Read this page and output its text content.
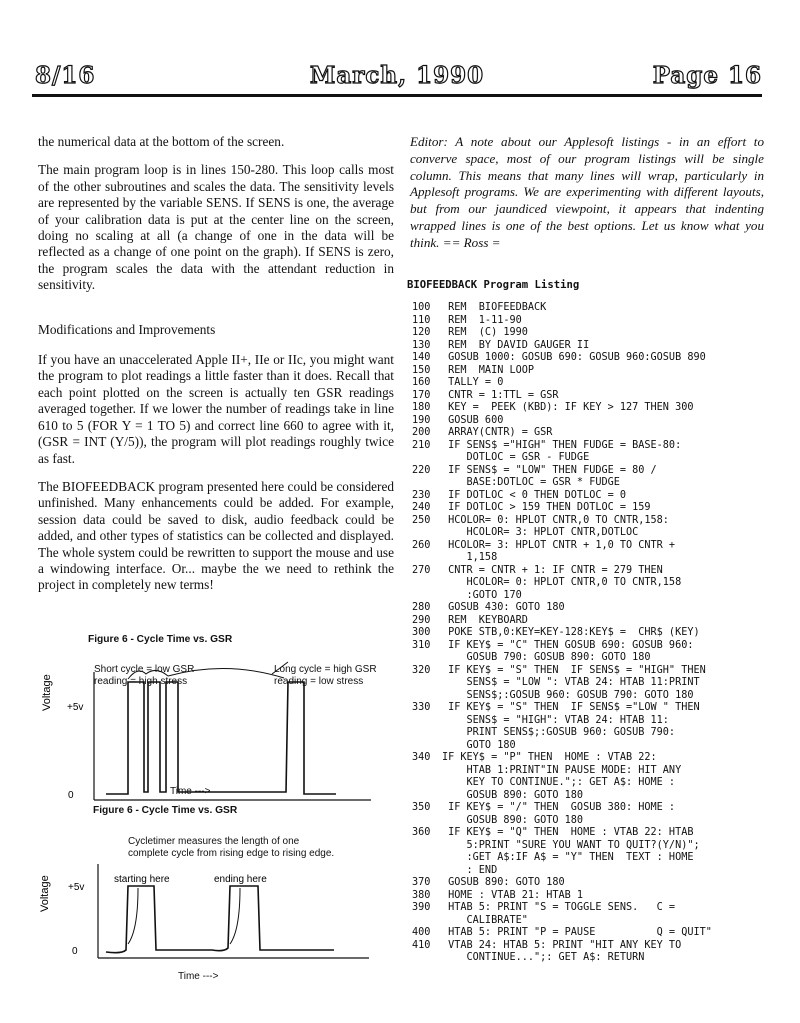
8/16	March, 1990	Page 16

the numerical data at the bottom of the screen.

The main program loop is in lines 150-280. This loop calls most of the other subroutines and scales the data. The sensitivity levels are represented by the variable SENS. If SENS is one, the average of your calibration data is put at the center line on the screen, doing no scaling at all (a change of one in the data will be reflected as a change of one point on the graph). If SENS is zero, the program scales the data with the attendant reduction in sensitivity.

Modifications and Improvements

If you have an unaccelerated Apple II+, IIe or IIc, you might want the program to plot readings a little faster than it does. Recall that each point plotted on the screen is actually ten GSR readings averaged together. If we lower the number of readings take in line 610 to 5 (FOR Y = 1 TO 5) and correct line 660 to agree with it, (GSR = INT (Y/5)), the program will plot readings roughly twice as fast.

The BIOFEEDBACK program presented here could be considered unfinished. Many enhancements could be added. For example, session data could be saved to disk, audio feedback could be added, and other types of statistics can be collected and displayed. The whole system could be rewritten to support the mouse and use a windowing interface. Or... maybe the we need to rethink the project in completely new terms!

Figure 6 - Cycle Time vs. GSR
Short cycle = low GSR
reading = high stress
Long cycle = high GSR
reading = low stress
Voltage +5v
0	Time --->
Figure 6 - Cycle Time vs. GSR
Cycletimer measures the length of one
complete cycle from rising edge to rising edge.
Voltage +5v
0
starting here	ending here
Time --->
Editor: A note about our Applesoft listings - in an effort to converve space, most of our program listings will be single column. This means that many lines will wrap, particularly in Applesoft programs. We are experimenting with different layouts, but from our jaundiced viewpoint, it appears that indenting wrapped lines is one of the best options. Let us know what you think. == Ross =
BIOFEEDBACK Program Listing
100	REM  BIOFEEDBACK
110	REM  1-11-90
120	REM  (C) 1990
130	REM  BY DAVID GAUGER II
140	GOSUB 1000: GOSUB 690: GOSUB 960:GOSUB 890
150	REM  MAIN LOOP
160	TALLY = 0
170	CNTR = 1:TTL = GSR
180	KEY =  PEEK (KBD): IF KEY > 127 THEN 300
190	GOSUB 600
200	ARRAY(CNTR) = GSR
210	IF SENS$ ="HIGH" THEN FUDGE = BASE-80:
DOTLOC = GSR - FUDGE
220	IF SENS$ = "LOW" THEN FUDGE = 80 /
BASE:DOTLOC = GSR * FUDGE
230	IF DOTLOC < 0 THEN DOTLOC = 0
240	IF DOTLOC > 159 THEN DOTLOC = 159
250	HCOLOR= 0: HPLOT CNTR,0 TO CNTR,158:
HCOLOR= 3: HPLOT CNTR,DOTLOC
260	HCOLOR= 3: HPLOT CNTR + 1,0 TO CNTR +
1,158
270	CNTR = CNTR + 1: IF CNTR = 279 THEN
HCOLOR= 0: HPLOT CNTR,0 TO CNTR,158
:GOTO 170
280	GOSUB 430: GOTO 180
290	REM  KEYBOARD
300	POKE STB,0:KEY=KEY-128:KEY$ =  CHR$ (KEY)
310	IF KEY$ = "C" THEN GOSUB 690: GOSUB 960:
GOSUB 790: GOSUB 890: GOTO 180
320	IF KEY$ = "S" THEN  IF SENS$ = "HIGH" THEN
SENS$ = "LOW ": VTAB 24: HTAB 11:PRINT
SENS$;:GOSUB 960: GOSUB 790: GOTO 180
330	IF KEY$ = "S" THEN  IF SENS$ ="LOW " THEN
SENS$ = "HIGH": VTAB 24: HTAB 11:
PRINT SENS$;:GOSUB 960: GOSUB 790:
GOTO 180
340	IF KEY$ = "P" THEN  HOME : VTAB 22:
HTAB 1:PRINT"IN PAUSE MODE: HIT ANY
KEY TO CONTINUE.";: GET A$: HOME :
GOSUB 890: GOTO 180
350	IF KEY$ = "/" THEN  GOSUB 380: HOME :
GOSUB 890: GOTO 180
360	IF KEY$ = "Q" THEN  HOME : VTAB 22: HTAB
5:PRINT "SURE YOU WANT TO QUIT?(Y/N)";
:GET A$:IF A$ = "Y" THEN  TEXT : HOME
: END
370	GOSUB 890: GOTO 180
380	HOME : VTAB 21: HTAB 1
390	HTAB 5: PRINT "S = TOGGLE SENS.   C =
CALIBRATE"
400	HTAB 5: PRINT "P = PAUSE          Q = QUIT"
410	VTAB 24: HTAB 5: PRINT "HIT ANY KEY TO
CONTINUE...";: GET A$: RETURN
